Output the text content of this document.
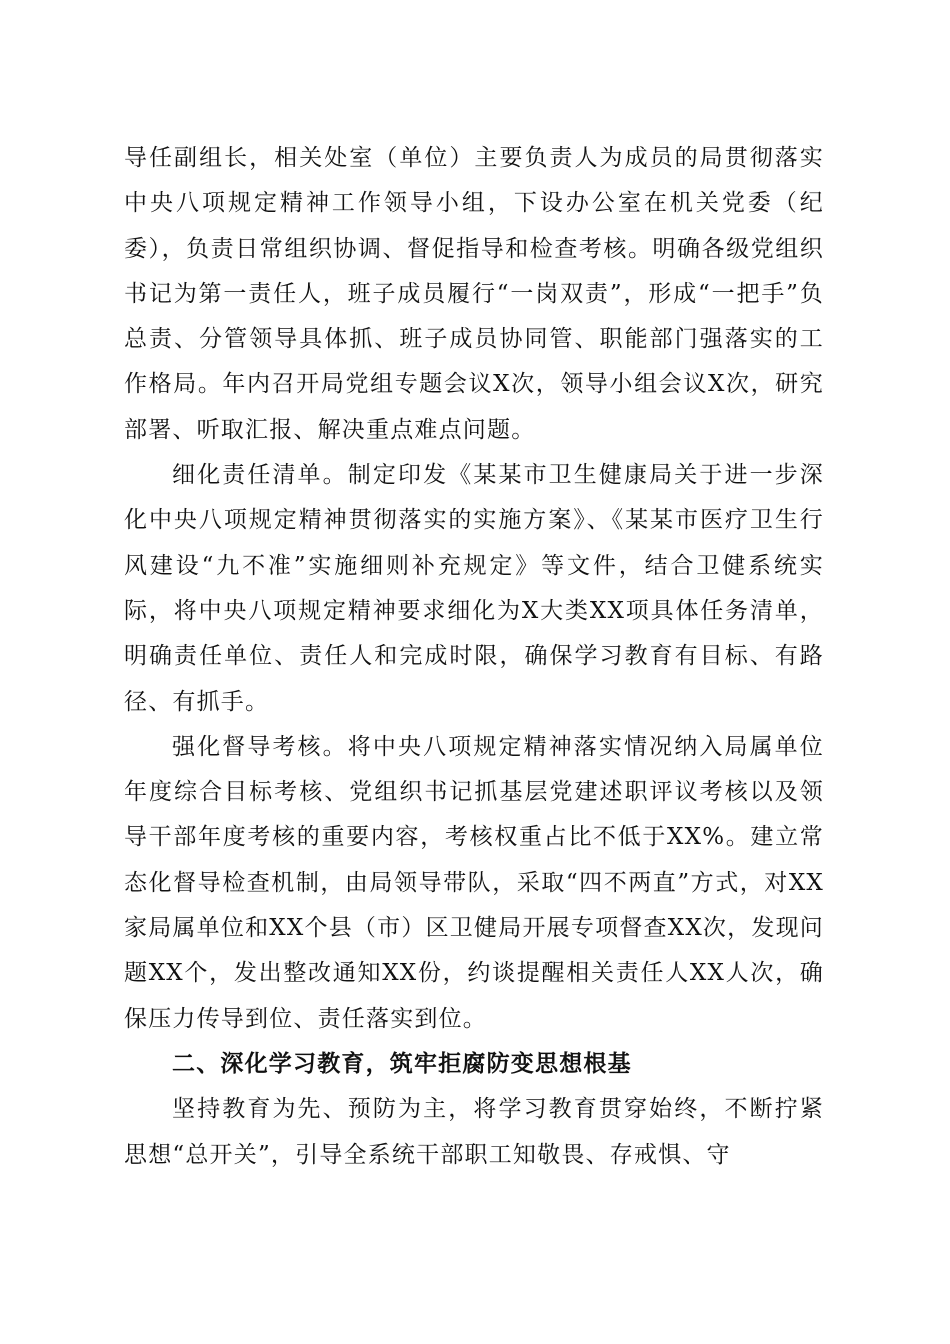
导任副组长，相关处室（单位）主要负责人为成员的局贯彻落实中央八项规定精神工作领导小组，下设办公室在机关党委（纪委），负责日常组织协调、督促指导和检查考核。明确各级党组织书记为第一责任人，班子成员履行“一岗双责”，形成“一把手”负总责、分管领导具体抓、班子成员协同管、职能部门强落实的工作格局。年内召开局党组专题会议X次，领导小组会议X次，研究部署、听取汇报、解决重点难点问题。

细化责任清单。制定印发《某某市卫生健康局关于进一步深化中央八项规定精神贯彻落实的实施方案》、《某某市医疗卫生行风建设“九不准”实施细则补充规定》等文件，结合卫健系统实际，将中央八项规定精神要求细化为X大类XX项具体任务清单，明确责任单位、责任人和完成时限，确保学习教育有目标、有路径、有抓手。

强化督导考核。将中央八项规定精神落实情况纳入局属单位年度综合目标考核、党组织书记抓基层党建述职评议考核以及领导干部年度考核的重要内容，考核权重占比不低于XX%。建立常态化督导检查机制，由局领导带队，采取“四不两直”方式，对XX家局属单位和XX个县（市）区卫健局开展专项督查XX次，发现问题XX个，发出整改通知XX份，约谈提醒相关责任人XX人次，确保压力传导到位、责任落实到位。

二、深化学习教育，筑牢拒腐防变思想根基

坚持教育为先、预防为主，将学习教育贯穿始终，不断拧紧思想“总开关”，引导全系统干部职工知敬畏、存戒惧、守
